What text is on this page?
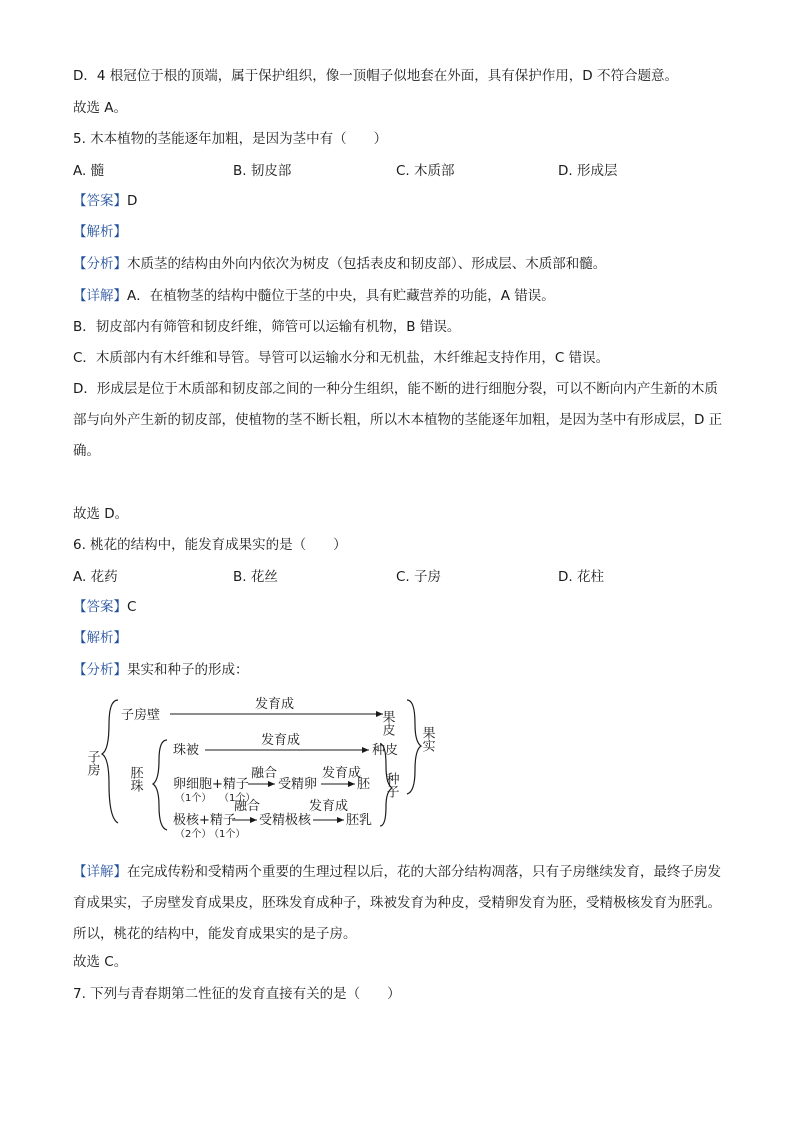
D．4 根冠位于根的顶端，属于保护组织，像一顶帽子似地套在外面，具有保护作用，D 不符合题意。
故选 A。
5. 木本植物的茎能逐年加粗，是因为茎中有（　　）
A. 髓	B. 韧皮部	C. 木质部	D. 形成层
【答案】D
【解析】
【分析】木质茎的结构由外向内依次为树皮（包括表皮和韧皮部）、形成层、木质部和髓。
【详解】A．在植物茎的结构中髓位于茎的中央，具有贮藏营养的功能，A 错误。
B．韧皮部内有筛管和韧皮纤维，筛管可以运输有机物，B 错误。
C．木质部内有木纤维和导管。导管可以运输水分和无机盐，木纤维起支持作用，C 错误。
D．形成层是位于木质部和韧皮部之间的一种分生组织，能不断的进行细胞分裂，可以不断向内产生新的木质部与向外产生新的韧皮部，使植物的茎不断长粗，所以木本植物的茎能逐年加粗，是因为茎中有形成层，D 正确。
故选 D。
6. 桃花的结构中，能发育成果实的是（　　）
A. 花药	B. 花丝	C. 子房	D. 花柱
【答案】C
【解析】
【分析】果实和种子的形成：
子房
子房壁
发育成
果皮
胚珠
珠被
发育成
种皮
卵细胞+精子
（1个） （1个）
融合
受精卵
发育成
胚
极核+精子
（2个）
（1个）
融合
受精极核
发育成
胚乳
种子
果实
【详解】在完成传粉和受精两个重要的生理过程以后，花的大部分结构凋落，只有子房继续发育，最终子房发育成果实，子房壁发育成果皮，胚珠发育成种子，珠被发育为种皮，受精卵发育为胚，受精极核发育为胚乳。所以，桃花的结构中，能发育成果实的是子房。
故选 C。
7. 下列与青春期第二性征的发育直接有关的是（　　）
